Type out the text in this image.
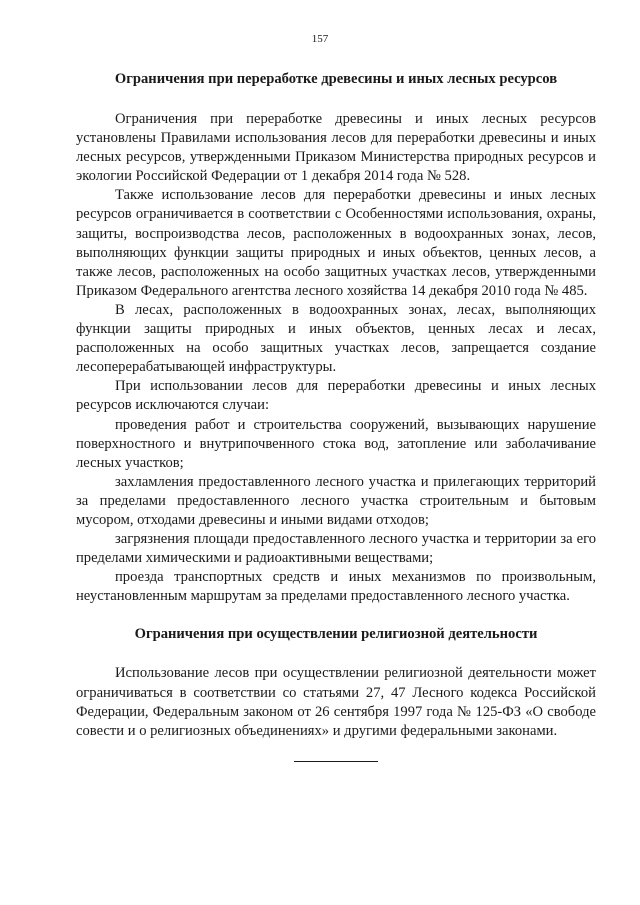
157
Ограничения при переработке древесины и иных лесных ресурсов

Ограничения при переработке древесины и иных лесных ресурсов установлены Правилами использования лесов для переработки древесины и иных лесных ресурсов, утвержденными Приказом Министерства природных ресурсов и экологии Российской Федерации от 1 декабря 2014 года № 528.

Также использование лесов для переработки древесины и иных лесных ресурсов ограничивается в соответствии с Особенностями использования, охраны, защиты, воспроизводства лесов, расположенных в водоохранных зонах, лесов, выполняющих функции защиты природных и иных объектов, ценных лесов, а также лесов, расположенных на особо защитных участках лесов, утвержденными Приказом Федерального агентства лесного хозяйства 14 декабря 2010 года № 485.

В лесах, расположенных в водоохранных зонах, лесах, выполняющих функции защиты природных и иных объектов, ценных лесах и лесах, расположенных на особо защитных участках лесов, запрещается создание лесоперерабатывающей инфраструктуры.

При использовании лесов для переработки древесины и иных лесных ресурсов исключаются случаи:

проведения работ и строительства сооружений, вызывающих нарушение поверхностного и внутрипочвенного стока вод, затопление или заболачивание лесных участков;

захламления предоставленного лесного участка и прилегающих территорий за пределами предоставленного лесного участка строительным и бытовым мусором, отходами древесины и иными видами отходов;

загрязнения площади предоставленного лесного участка и территории за его пределами химическими и радиоактивными веществами;

проезда транспортных средств и иных механизмов по произвольным, неустановленным маршрутам за пределами предоставленного лесного участка.

Ограничения при осуществлении религиозной деятельности

Использование лесов при осуществлении религиозной деятельности может ограничиваться в соответствии со статьями 27, 47 Лесного кодекса Российской Федерации, Федеральным законом от 26 сентября 1997 года № 125-ФЗ «О свободе совести и о религиозных объединениях» и другими федеральными законами.
